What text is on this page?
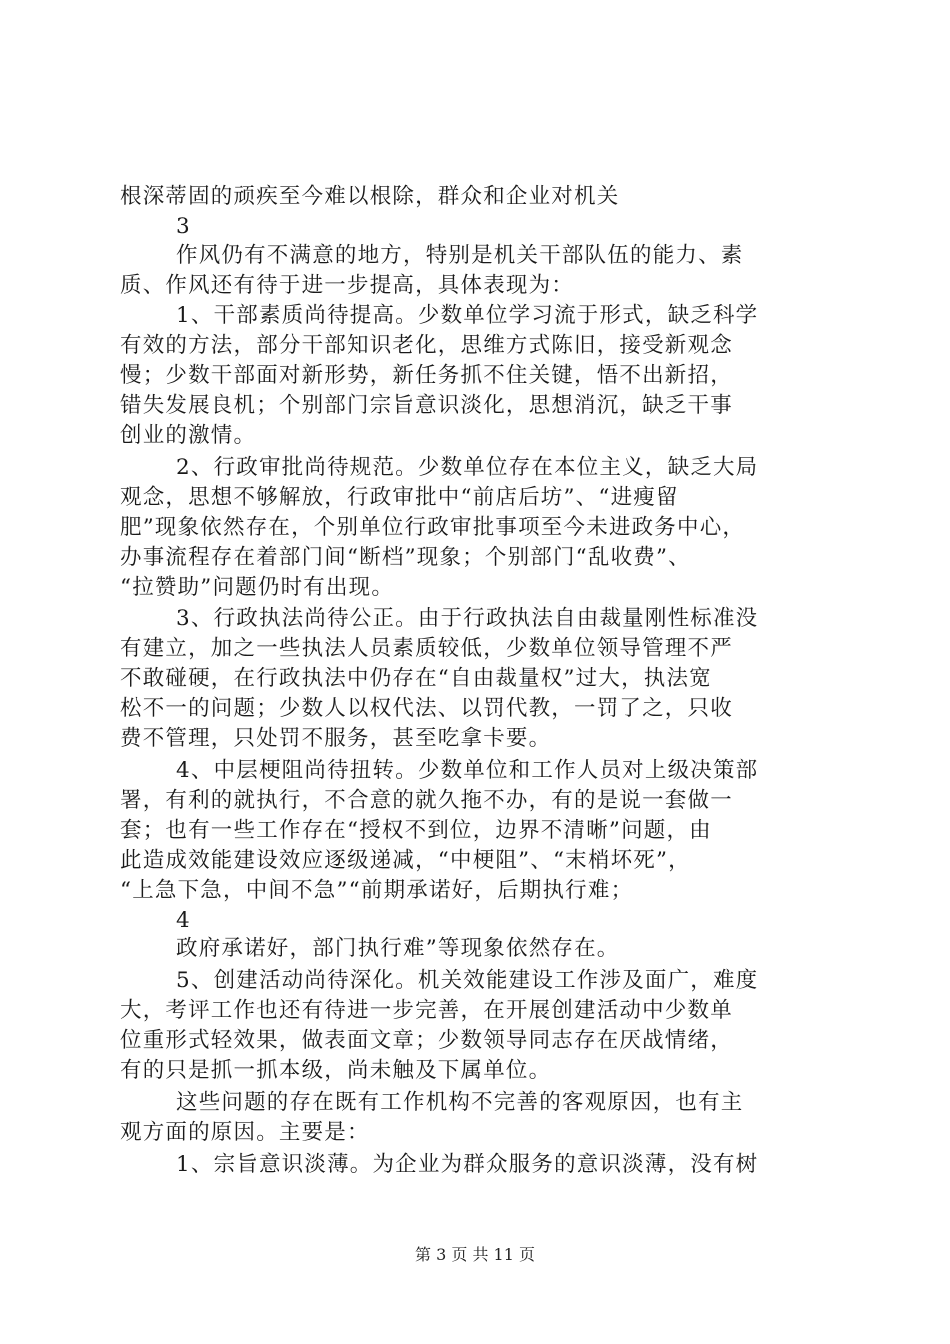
根深蒂固的顽疾至今难以根除，群众和企业对机关
3
作风仍有不满意的地方，特别是机关干部队伍的能力、素
质、作风还有待于进一步提高，具体表现为：
1、干部素质尚待提高。少数单位学习流于形式，缺乏科学
有效的方法，部分干部知识老化，思维方式陈旧，接受新观念
慢；少数干部面对新形势，新任务抓不住关键，悟不出新招，
错失发展良机；个别部门宗旨意识淡化，思想消沉，缺乏干事
创业的激情。
2、行政审批尚待规范。少数单位存在本位主义，缺乏大局
观念，思想不够解放，行政审批中“前店后坊”、“进瘦留
肥”现象依然存在，个别单位行政审批事项至今未进政务中心，
办事流程存在着部门间“断档”现象；个别部门“乱收费”、
“拉赞助”问题仍时有出现。
3、行政执法尚待公正。由于行政执法自由裁量刚性标准没
有建立，加之一些执法人员素质较低，少数单位领导管理不严
不敢碰硬，在行政执法中仍存在“自由裁量权”过大，执法宽
松不一的问题；少数人以权代法、以罚代教，一罚了之，只收
费不管理，只处罚不服务，甚至吃拿卡要。
4、中层梗阻尚待扭转。少数单位和工作人员对上级决策部
署，有利的就执行，不合意的就久拖不办，有的是说一套做一
套；也有一些工作存在“授权不到位，边界不清晰”问题，由
此造成效能建设效应逐级递减，“中梗阻”、“末梢坏死”，
“上急下急，中间不急”“前期承诺好，后期执行难；
4
政府承诺好，部门执行难”等现象依然存在。
5、创建活动尚待深化。机关效能建设工作涉及面广，难度
大，考评工作也还有待进一步完善，在开展创建活动中少数单
位重形式轻效果，做表面文章；少数领导同志存在厌战情绪，
有的只是抓一抓本级，尚未触及下属单位。
这些问题的存在既有工作机构不完善的客观原因，也有主
观方面的原因。主要是：
1、宗旨意识淡薄。为企业为群众服务的意识淡薄，没有树
第 3 页 共 11 页
